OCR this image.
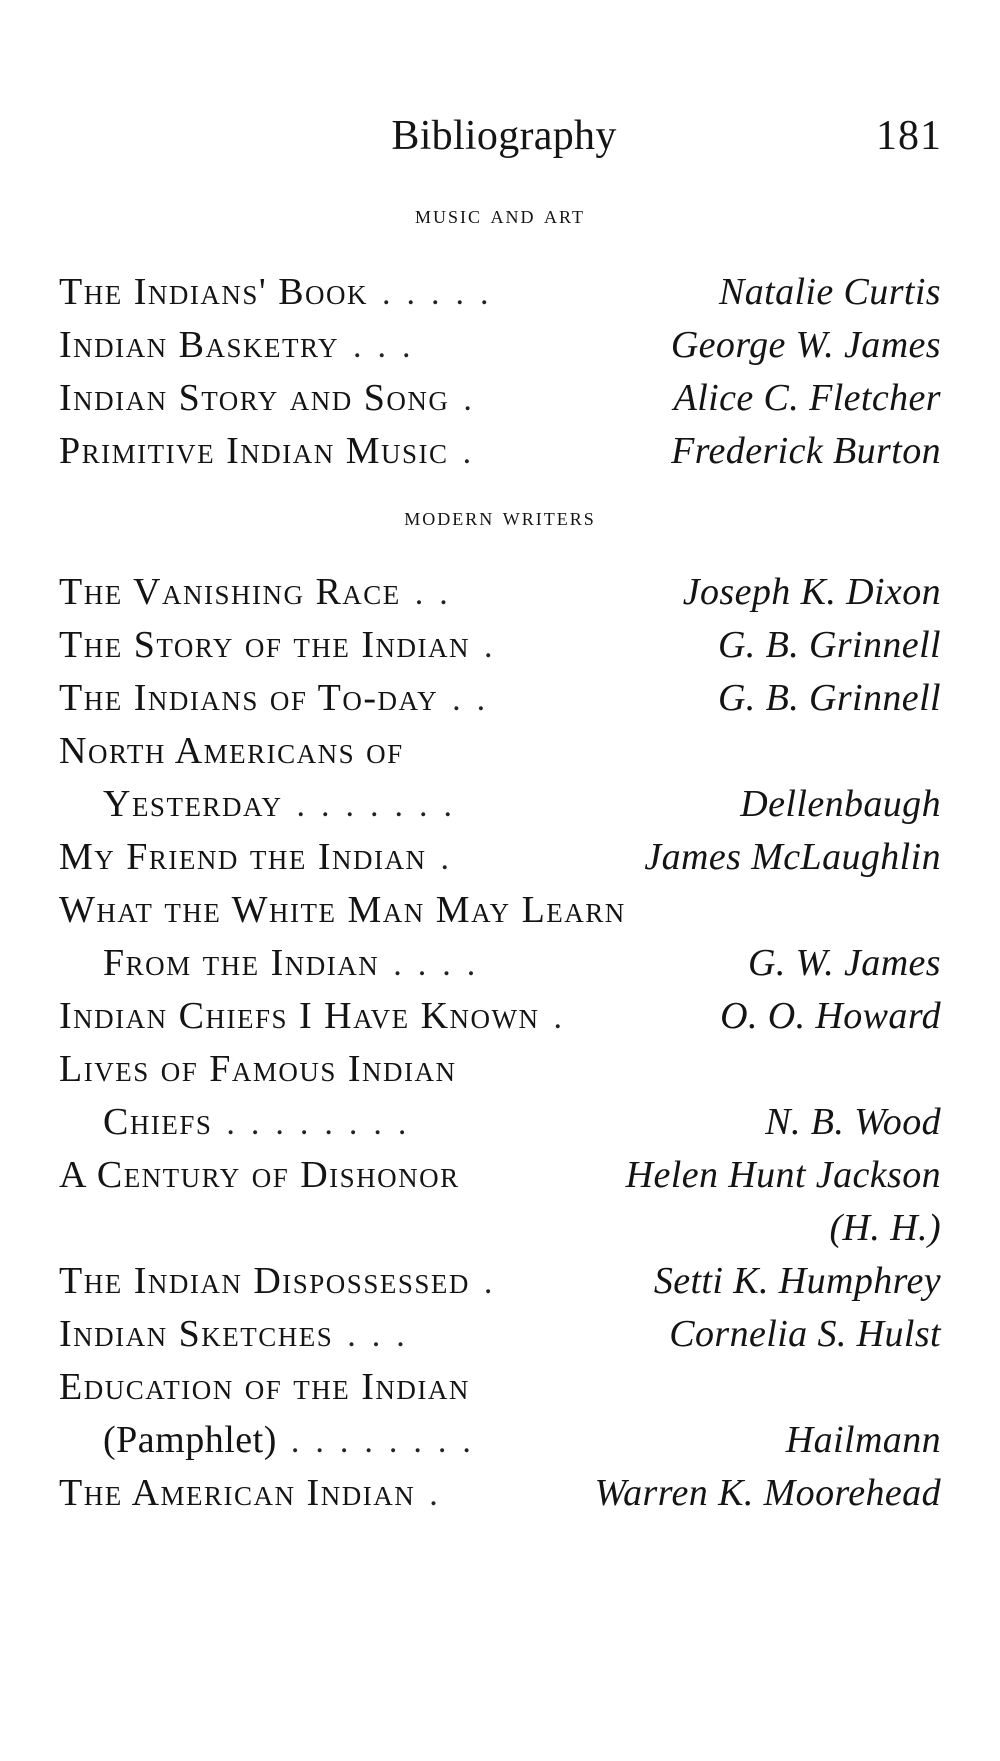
Bibliography	181
music and art
The Indians' Book .....	Natalie Curtis
Indian Basketry ...	George W. James
Indian Story and Song .	Alice C. Fletcher
Primitive Indian Music .	Frederick Burton
modern writers
The Vanishing Race ..	Joseph K. Dixon
The Story of the Indian .	G. B. Grinnell
The Indians of To-day ..	G. B. Grinnell
North Americans of
Yesterday .......	Dellenbaugh
My Friend the Indian .	James McLaughlin
What the White Man May Learn
From the Indian ....	G. W. James
Indian Chiefs I Have Known .	O. O. Howard
Lives of Famous Indian
Chiefs ........	N. B. Wood
A Century of Dishonor	Helen Hunt Jackson
(H. H.)
The Indian Dispossessed .	Setti K. Humphrey
Indian Sketches ...	Cornelia S. Hulst
Education of the Indian
(Pamphlet) ........	Hailmann
The American Indian .	Warren K. Moorehead
